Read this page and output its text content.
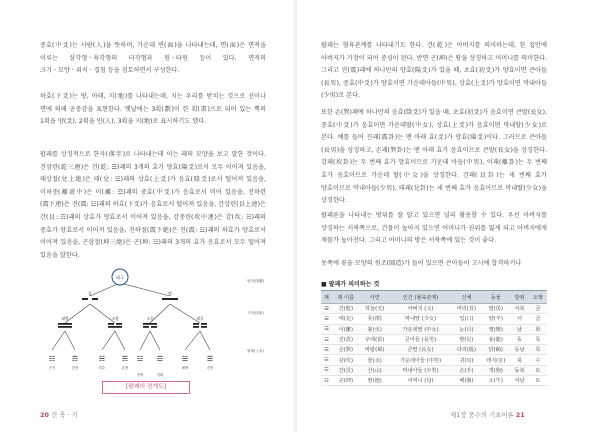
중효(中爻)는 사람(人)을 뜻하며, 가운데 면(面)을 나타내는데, 면(面)은 면적을 이루는 삼각형ㆍ육각형의 터각형과 원ㆍ타원 등이 있다. 면적의 크기ㆍ모양ㆍ위치ㆍ겹침 등을 검토하면서 구성한다.
하효(下爻)는 땅, 아래, 지(地)를 나타내는데, 지는 우리를 받치는 것으로 선이나 면에 의해 공중감을 표현한다. 옛날에는 3획(劃)이 한 획(畫)으로 되어 있는 뿍의 1획을 양(爻), 2획을 인(人), 3획을 지(地)로 표시하기도 했다.
팔괘를 상징적으로 한자(漢字)로 나타내는데 이는 괘의 모양을 보고 말한 것이다. 건삼련(乾三連)은 건(乾: ☰)괘의 3개의 효가 양효(陽爻)로서 모두 이어져 있음을, 태상절(兌上絶)은 태(兌: ☱)괘의 상효(上爻)가 음효(陰爻)로서 떨어져 있음을, 이허중(離虛中)은 이(離: ☲)괘의 중효(中爻)가 음효로서 비어 있음을, 진하련(震下連)은 진(震: ☳)괘의 하효(下爻)가 음효로서 떨어져 있음을, 간상련(艮上連)은 간(艮: ☶)괘의 상효가 양효로서 이어져 있음을, 감중련(坎中連)은 감(坎: ☵)괘의 중효가 양효로서 이어져 있음을, 진하절(震下絶)은 진(震: ☳)괘의 하효가 양효로서 이어져 있음을, 곤삼절(坤三絶)은 곤(坤: ☷)괘의 3개의 효가 음효로서 모두 떨어져 있음을 말한다.
태극
음	양
태양	소양	소음	태음
☷ ☶	☵ ☴ ☳ ☲	☱	☰
곤지	간산	감수	손풍
진뢰	이화
태택	건천
양의(兩儀)
사상(四象)
팔괘(八卦)
[팔괘의 전개도]
20 건 축 · 기
팔괘는 혈육관계를 나타내기도 한다. 건(乾)은 아버지를 의미하는데, 한 집안에 아버지가 가장이 되어 중심이 된다. 반면 곤(坤)은 땅을 상징하고 어머니를 의미한다. 그리고 진(震)괘에 하나만의 양효(陽爻)가 있을 때, 초효(初爻)가 양효이면 큰아들(長男), 중효(中爻)가 양효이면 가운데아들(中男), 상효(上爻)가 양효이면 막내아들(少男)로 본다.
또한 손(巽)괘에 하나만의 음효(陰爻)가 있을 때, 초효(初爻)가 음효이면 큰딸(長女), 중효(中爻)가 음효이면 가운데딸(中女), 상효(上爻)가 음효이면 막내딸(少女)로 본다. 예를 들어 진괘(震卦)는 맨 아래 효(爻)가 양효(陽爻)이다. 그러므로 큰아들(長男)을 상징하고, 손괘(巽卦)는 맨 아래 효가 음효이므로 큰딸(長女)을 상징한다. 감괘(坎卦)는 두 번째 효가 양효이므로 가운데 아들(中男), 이괘(離卦)는 두 번째 효가 음효이므로 가운데 딸(中女)을 상징한다. 간괘(艮卦)는 세 번째 효가 양효이므로 막내아들(少男), 태괘(兌卦)는 세 번째 효가 음효이므로 막내딸(少女)을 상징한다.
팔괘론을 나타내는 방위를 잘 알고 있으면 널리 활용할 수 있다. 우선 아버지를 상징하는 서북쪽으로, 건물이 높아지 있으면 어머니가 권위를 잃게 되고 아버지에게 재물가 높아진다. 그리고 어머니의 방은 서북쪽에 있는 것이 좋다.
동쪽에 꽂을 모양의 원조(圓造)가 들어 있으면 큰아들이 고시에 합격하거나
■ 팔괘가 의미하는 것
괘	괘 이름	사연	인간 (혈육관계)	신체	동물	방위	오행
☰	건(乾)	하늘(天)	아버지 (父)	머리(首)	말(馬)	서북	금
☱	태(兌)	못(澤)	막내딸 (少女)	입(口)	양(羊)	서	금
☲	이(離)	불(火)	가운데딸 (中女)	눈(目)	꿩(雉)	남	화
☳	진(震)	우레(雷)	큰아들 (長男)	발(足)	용(龍)	동	목
☴	손(巽)	바람(風)	큰딸 (長女)	다리(股)	닭(鷄)	동남	목
☵	감(坎)	물(水)	가운데아들 (中男)	귀(耳)	돼지(豕)	북	수
☶	간(艮)	산(山)	막내아들 (少男)	손(手)	개(狗)	동북	토
☷	곤(坤)	땅(地)	어머니 (母)	배(腹)	소(牛)	서남	토
제1장 풍수의 기초이론 21
